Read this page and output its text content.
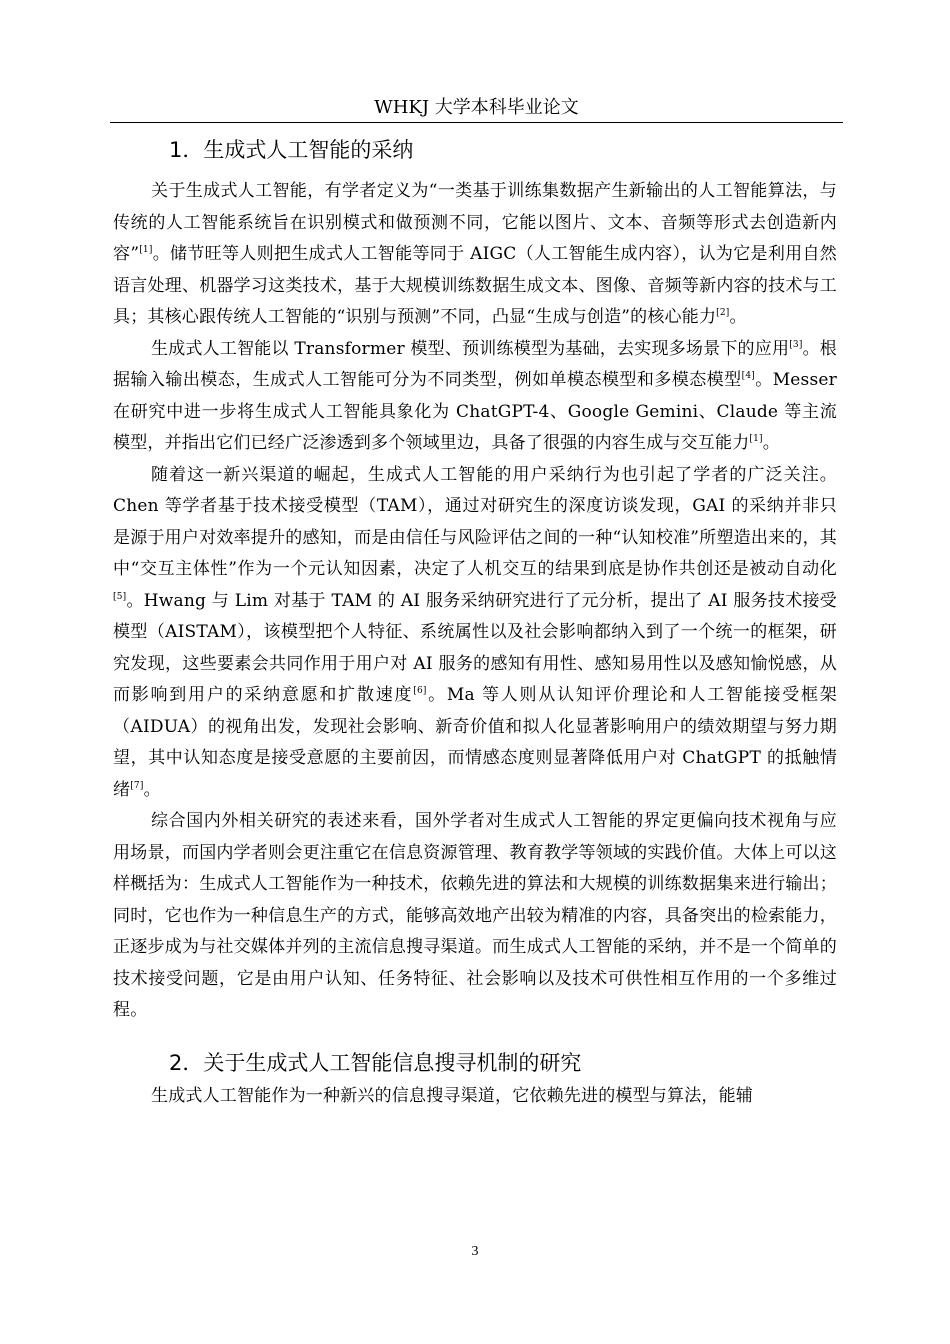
WHKJ 大学本科毕业论文
1．生成式人工智能的采纳

关于生成式人工智能，有学者定义为“一类基于训练集数据产生新输出的人工智能算法，与传统的人工智能系统旨在识别模式和做预测不同，它能以图片、文本、音频等形式去创造新内容”[1]。储节旺等人则把生成式人工智能等同于 AIGC（人工智能生成内容），认为它是利用自然语言处理、机器学习这类技术，基于大规模训练数据生成文本、图像、音频等新内容的技术与工具；其核心跟传统人工智能的“识别与预测”不同，凸显“生成与创造”的核心能力[2]。

生成式人工智能以 Transformer 模型、预训练模型为基础，去实现多场景下的应用[3]。根据输入输出模态，生成式人工智能可分为不同类型，例如单模态模型和多模态模型[4]。Messer 在研究中进一步将生成式人工智能具象化为 ChatGPT-4、Google Gemini、Claude 等主流模型，并指出它们已经广泛渗透到多个领域里边，具备了很强的内容生成与交互能力[1]。

随着这一新兴渠道的崛起，生成式人工智能的用户采纳行为也引起了学者的广泛关注。Chen 等学者基于技术接受模型（TAM），通过对研究生的深度访谈发现，GAI 的采纳并非只是源于用户对效率提升的感知，而是由信任与风险评估之间的一种“认知校准”所塑造出来的，其中“交互主体性”作为一个元认知因素，决定了人机交互的结果到底是协作共创还是被动自动化[5]。Hwang 与 Lim 对基于 TAM 的 AI 服务采纳研究进行了元分析，提出了 AI 服务技术接受模型（AISTAM），该模型把个人特征、系统属性以及社会影响都纳入到了一个统一的框架，研究发现，这些要素会共同作用于用户对 AI 服务的感知有用性、感知易用性以及感知愉悦感，从而影响到用户的采纳意愿和扩散速度[6]。Ma 等人则从认知评价理论和人工智能接受框架（AIDUA）的视角出发，发现社会影响、新奇价值和拟人化显著影响用户的绩效期望与努力期望，其中认知态度是接受意愿的主要前因，而情感态度则显著降低用户对 ChatGPT 的抵触情绪[7]。

综合国内外相关研究的表述来看，国外学者对生成式人工智能的界定更偏向技术视角与应用场景，而国内学者则会更注重它在信息资源管理、教育教学等领域的实践价值。大体上可以这样概括为：生成式人工智能作为一种技术，依赖先进的算法和大规模的训练数据集来进行输出；同时，它也作为一种信息生产的方式，能够高效地产出较为精准的内容，具备突出的检索能力，正逐步成为与社交媒体并列的主流信息搜寻渠道。而生成式人工智能的采纳，并不是一个简单的技术接受问题，它是由用户认知、任务特征、社会影响以及技术可供性相互作用的一个多维过程。

2．关于生成式人工智能信息搜寻机制的研究

生成式人工智能作为一种新兴的信息搜寻渠道，它依赖先进的模型与算法，能辅

3
